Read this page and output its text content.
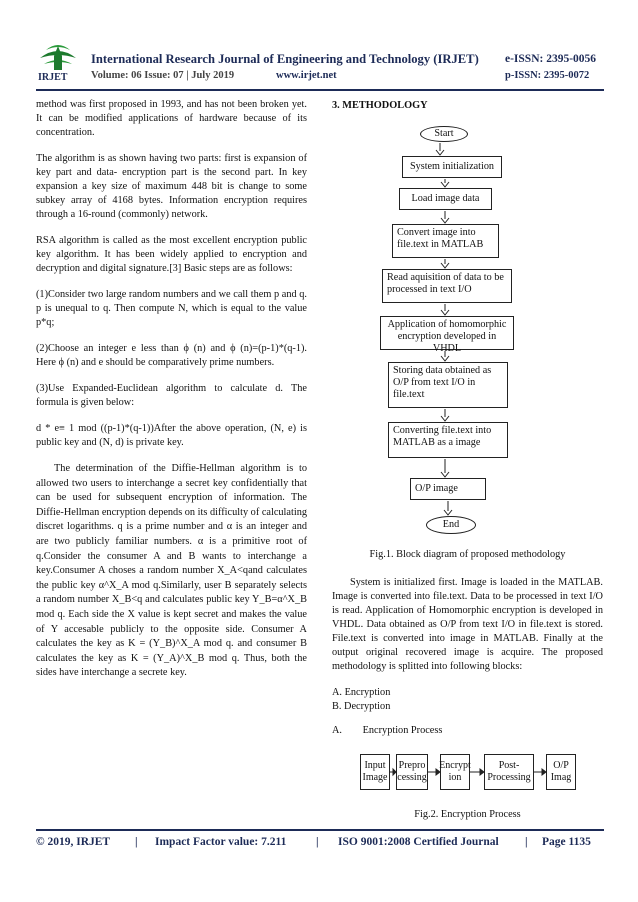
IRJET
International Research Journal of Engineering and Technology (IRJET) e-ISSN: 2395-0056
Volume: 06 Issue: 07 | July 2019	www.irjet.net	p-ISSN: 2395-0072

method was first proposed in 1993, and has not been broken yet. It can be modified applications of hardware because of its concentration.

The algorithm is as shown having two parts: first is expansion of key part and data- encryption part is the second part. In key expansion a key size of maximum 448 bit is change to some subkey array of 4168 bytes. Information encryption requires through a 16-round (commonly) network.

RSA algorithm is called as the most excellent encryption public key algorithm. It has been widely applied to encryption and decryption and digital signature.[3] Basic steps are as follows:

(1)Consider two large random numbers and we call them p and q. p is unequal to q. Then compute N, which is equal to the value p*q;

(2)Choose an integer e less than ϕ (n) and ϕ (n)=(p-1)*(q-1). Here ϕ (n) and e should be comparatively prime numbers.

(3)Use Expanded-Euclidean algorithm to calculate d. The formula is given below:

d * e≡ 1 mod ((p-1)*(q-1))After the above operation, (N, e) is public key and (N, d) is private key.

The determination of the Diffie-Hellman algorithm is to allowed two users to interchange a secret key confidentially that can be used for subsequent encryption of information. The Diffie-Hellman encryption depends on its difficulty of calculating discret logarithms. q is a prime number and α is an integer and are two publicly familiar numbers. α is a primitive root of q.Consider the consumer A and B wants to interchange a key.Consumer A choses a random number X_A<qand calculates the public key α^X_A mod q.Similarly, user B separately selects a random number X_B<q and calculates public key Y_B=α^X_B mod q. Each side the X value is kept secret and makes the value of Y accesable publicly to the opposite side. Consumer A calculates the key as K = (Y_B)^X_A mod q. and consumer B calculates the key as K = (Y_A)^X_B mod q. Thus, both the sides have interchange a secrete key.

3. METHODOLOGY

Start
System initialization
Load image data
Convert image into file.text in MATLAB
Read aquisition of data to be processed in text I/O
Application of homomorphic encryption developed in VHDL
Storing data obtained as O/P from text I/O in file.text
Converting file.text into MATLAB as a image
O/P image
End
Fig.1. Block diagram of proposed methodology

System is initialized first. Image is loaded in the MATLAB. Image is converted into file.text. Data to be processed in text I/O is read. Application of Homomorphic encryption is developed in VHDL. Data obtained as O/P from text I/O in file.text is stored. File.text is converted into image in MATLAB. Finally at the output original recovered image is acquire. The proposed methodology is splitted into following blocks:

A. Encryption
B. Decryption

A.        Encryption Process

Input Image
Prepro cessing
Encrypt ion
Post-Processing
O/P Imag
Fig.2. Encryption Process
© 2019, IRJET | Impact Factor value: 7.211	| ISO 9001:2008 Certified Journal | Page 1135
